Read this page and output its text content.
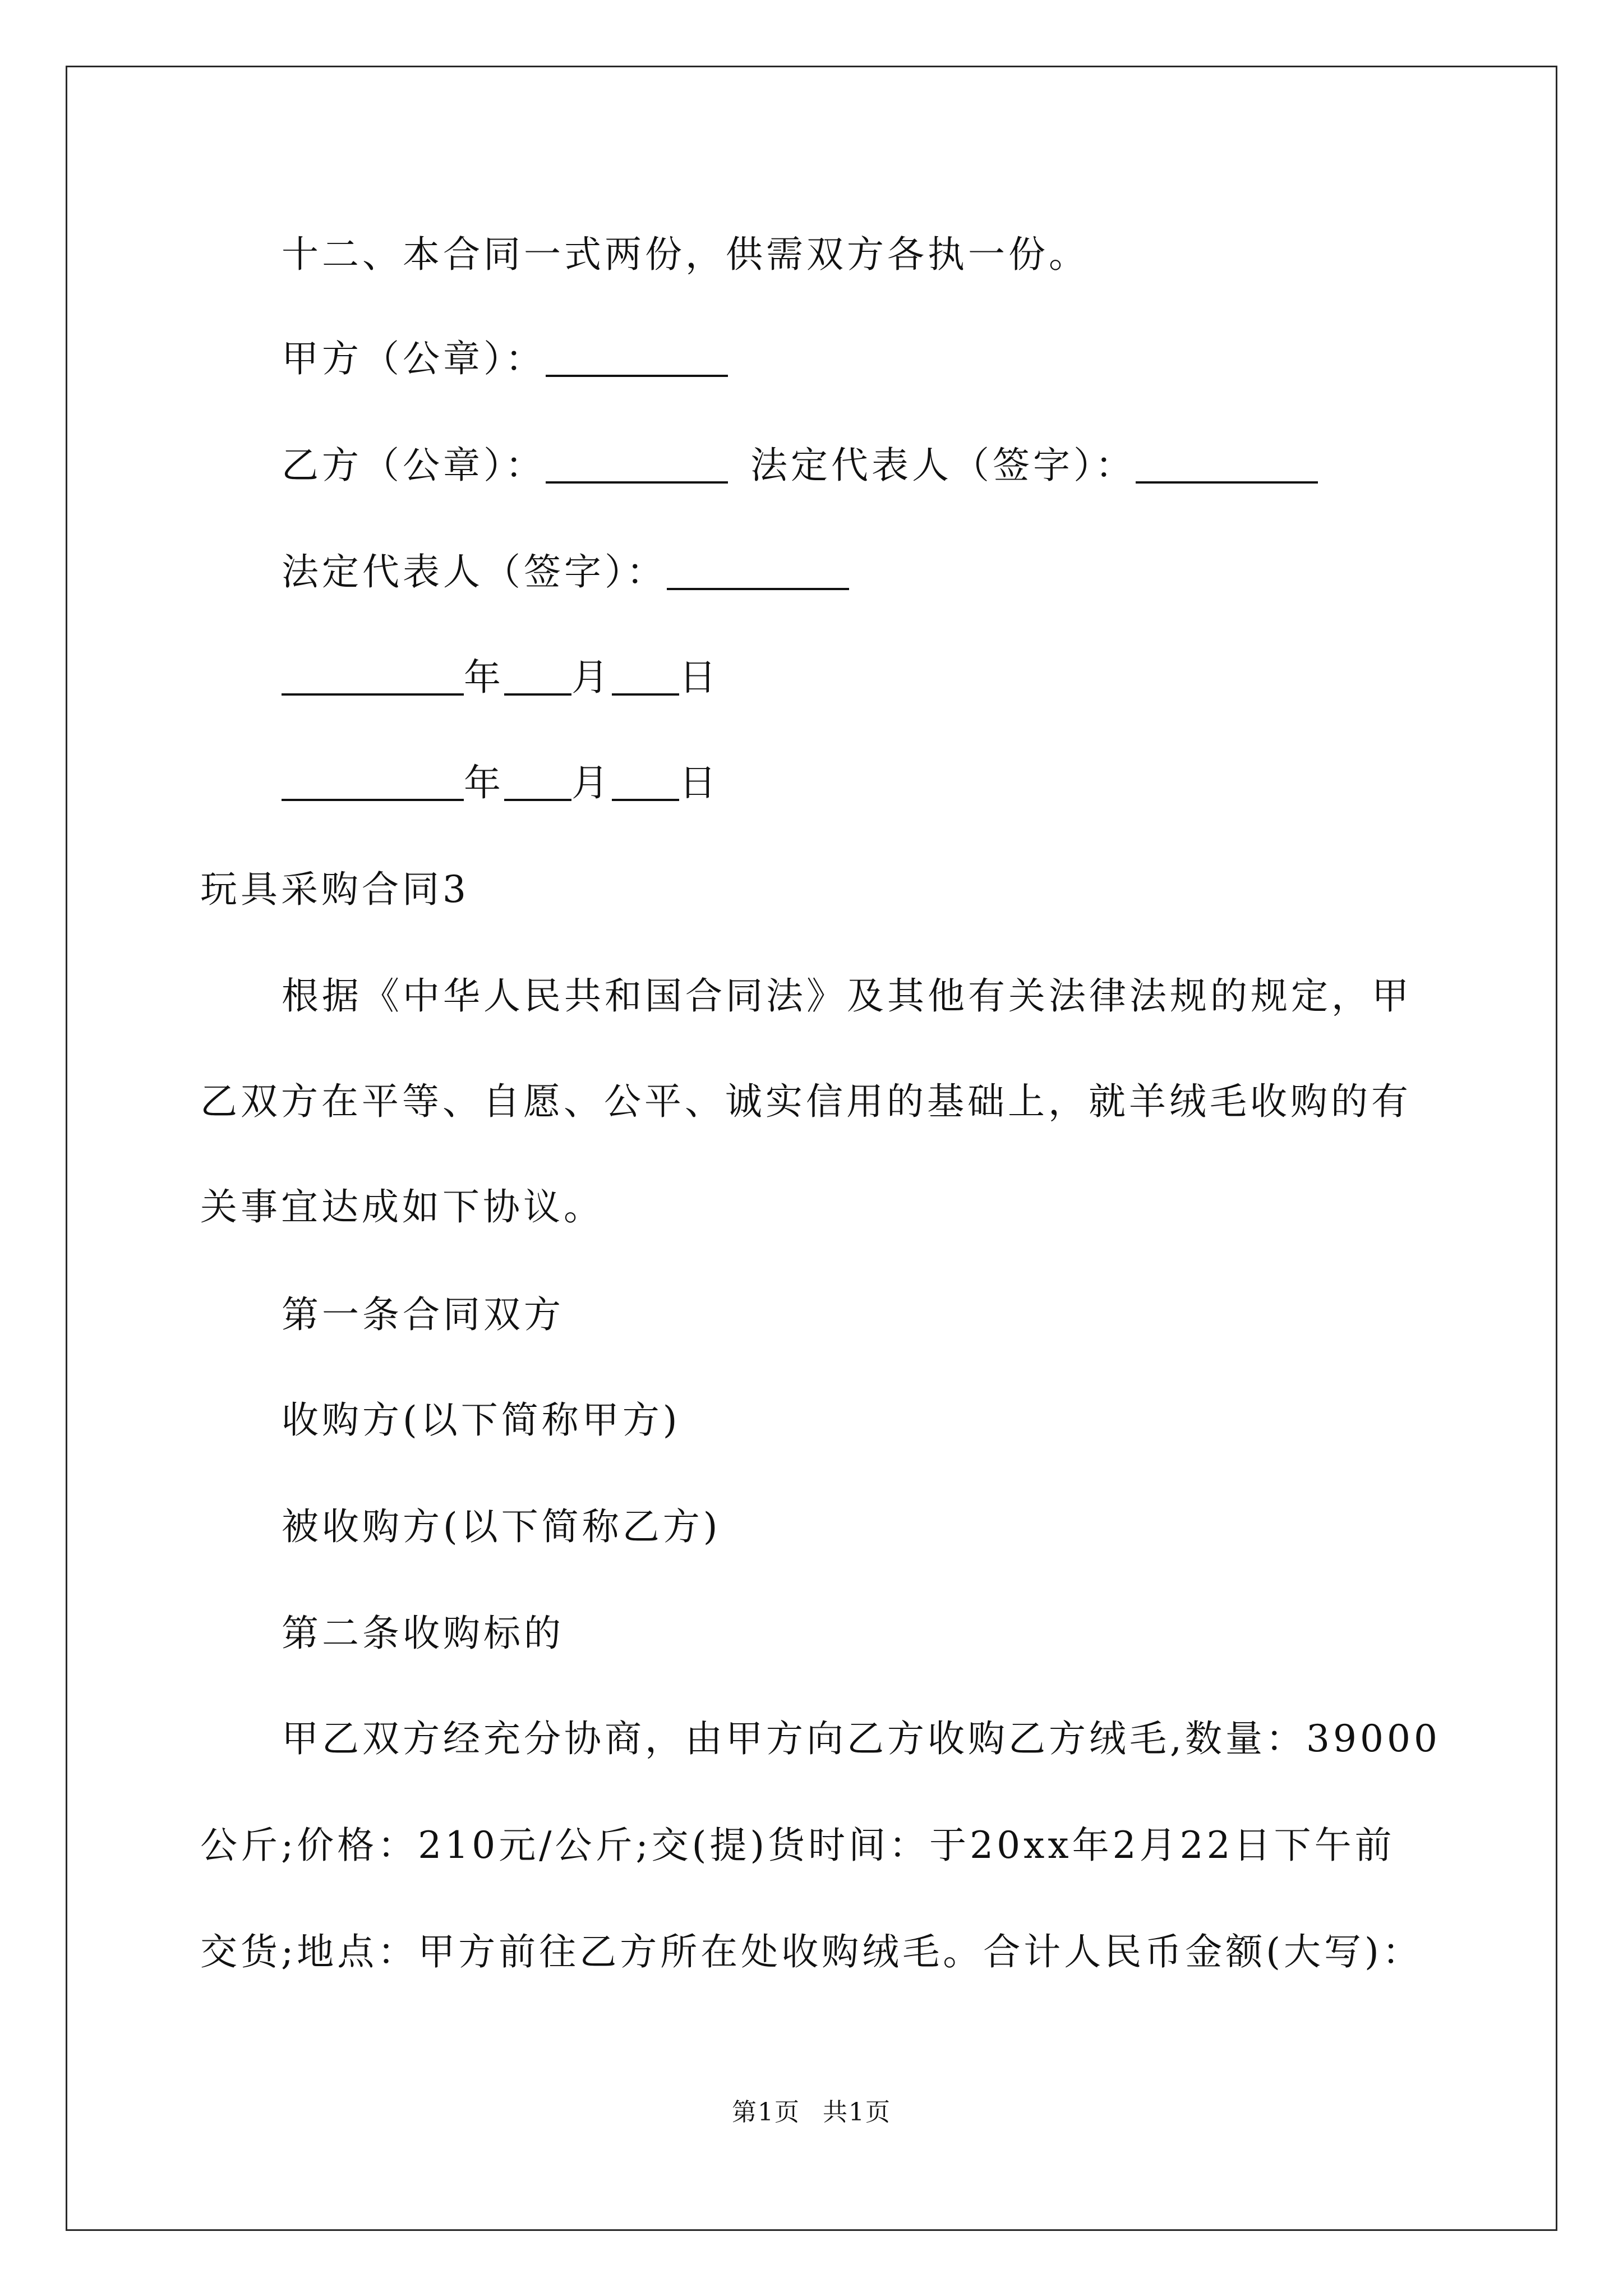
十二、本合同一式两份，供需双方各执一份。
甲方（公章）：
乙方（公章）：	法定代表人（签字）：
法定代表人（签字）：
年 月 日
年 月 日
玩具采购合同3
根据《中华人民共和国合同法》及其他有关法律法规的规定，甲
乙双方在平等、自愿、公平、诚实信用的基础上，就羊绒毛收购的有
关事宜达成如下协议。
第一条合同双方
收购方(以下简称甲方)
被收购方(以下简称乙方)
第二条收购标的
甲乙双方经充分协商，由甲方向乙方收购乙方绒毛,数量：39000
公斤;价格：210元/公斤;交(提)货时间：于20xx年2月22日下午前
交货;地点：甲方前往乙方所在处收购绒毛。合计人民币金额(大写)：
第1页 共1页
